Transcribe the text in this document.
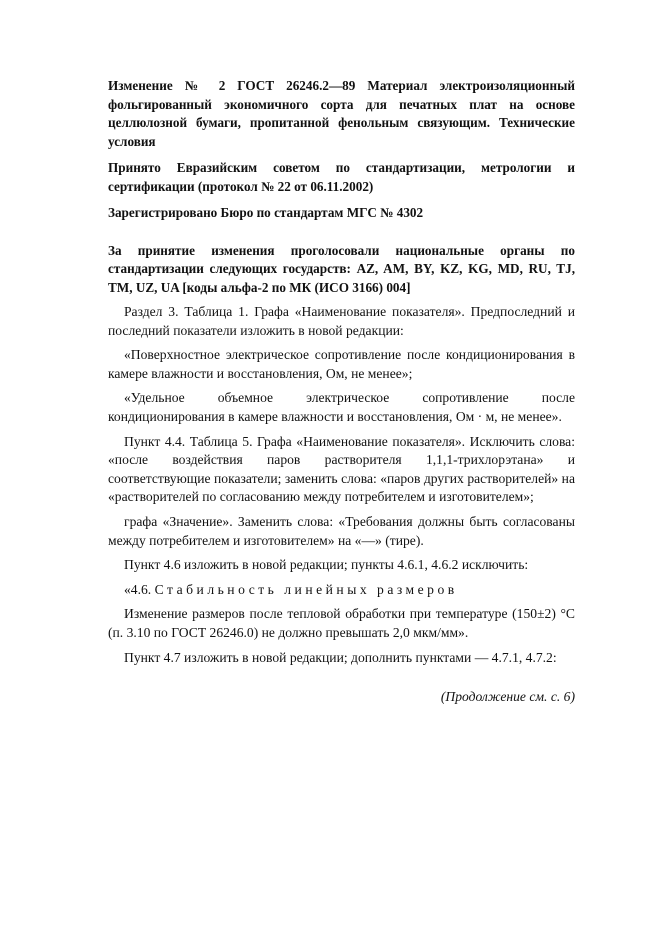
Изменение № 2 ГОСТ 26246.2—89 Материал электроизоляционный фольгированный экономичного сорта для печатных плат на основе целлюлозной бумаги, пропитанной фенольным связующим. Технические условия

Принято Евразийским советом по стандартизации, метрологии и сертификации (протокол № 22 от 06.11.2002)

Зарегистрировано Бюро по стандартам МГС № 4302

За принятие изменения проголосовали национальные органы по стандартизации следующих государств: AZ, AM, BY, KZ, KG, MD, RU, TJ, TM, UZ, UA [коды альфа-2 по МК (ИСО 3166) 004]

Раздел 3. Таблица 1. Графа «Наименование показателя». Предпоследний и последний показатели изложить в новой редакции:

«Поверхностное электрическое сопротивление после кондиционирования в камере влажности и восстановления, Ом, не менее»;

«Удельное объемное электрическое сопротивление после кондиционирования в камере влажности и восстановления, Ом · м, не менее».

Пункт 4.4. Таблица 5. Графа «Наименование показателя». Исключить слова: «после воздействия паров растворителя 1,1,1-трихлорэтана» и соответствующие показатели; заменить слова: «паров других растворителей» на «растворителей по согласованию между потребителем и изготовителем»;

графа «Значение». Заменить слова: «Требования должны быть согласованы между потребителем и изготовителем» на «—» (тире).

Пункт 4.6 изложить в новой редакции; пункты 4.6.1, 4.6.2 исключить:

«4.6. Стабильность линейных размеров

Изменение размеров после тепловой обработки при температуре (150±2) °С (п. 3.10 по ГОСТ 26246.0) не должно превышать 2,0 мкм/мм».

Пункт 4.7 изложить в новой редакции; дополнить пунктами — 4.7.1, 4.7.2:

(Продолжение см. с. 6)
